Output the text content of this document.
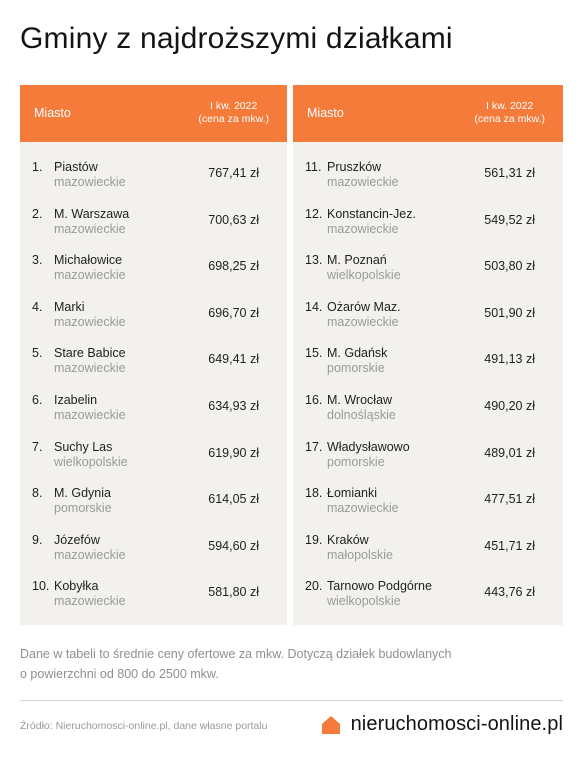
Gminy z najdroższymi działkami
Miasto	I kw. 2022
(cena za mkw.)
1. Piastów
mazowieckie
767,41 zł
2. M. Warszawa
mazowieckie
700,63 zł
3. Michałowice
mazowieckie
698,25 zł
4. Marki
mazowieckie
696,70 zł
5. Stare Babice
mazowieckie
649,41 zł
6. Izabelin
mazowieckie
634,93 zł
7. Suchy Las
wielkopolskie
619,90 zł
8. M. Gdynia
pomorskie
614,05 zł
9. Józefów
mazowieckie
594,60 zł
10. Kobyłka
mazowieckie
581,80 zł
Miasto	I kw. 2022
(cena za mkw.)
11. Pruszków
mazowieckie
561,31 zł
12. Konstancin-Jez.
mazowieckie
549,52 zł
13. M. Poznań
wielkopolskie
503,80 zł
14. Ożarów Maz.
mazowieckie
501,90 zł
15. M. Gdańsk
pomorskie
491,13 zł
16. M. Wrocław
dolnośląskie
490,20 zł
17. Władysławowo
pomorskie
489,01 zł
18. Łomianki
mazowieckie
477,51 zł
19. Kraków
małopolskie
451,71 zł
20. Tarnowo Podgórne
wielkopolskie
443,76 zł
Dane w tabeli to średnie ceny ofertowe za mkw. Dotyczą działek budowlanych
o powierzchni od 800 do 2500 mkw.
Źródło: Nieruchomosci-online.pl, dane własne portalu	nieruchomosci-online.pl
